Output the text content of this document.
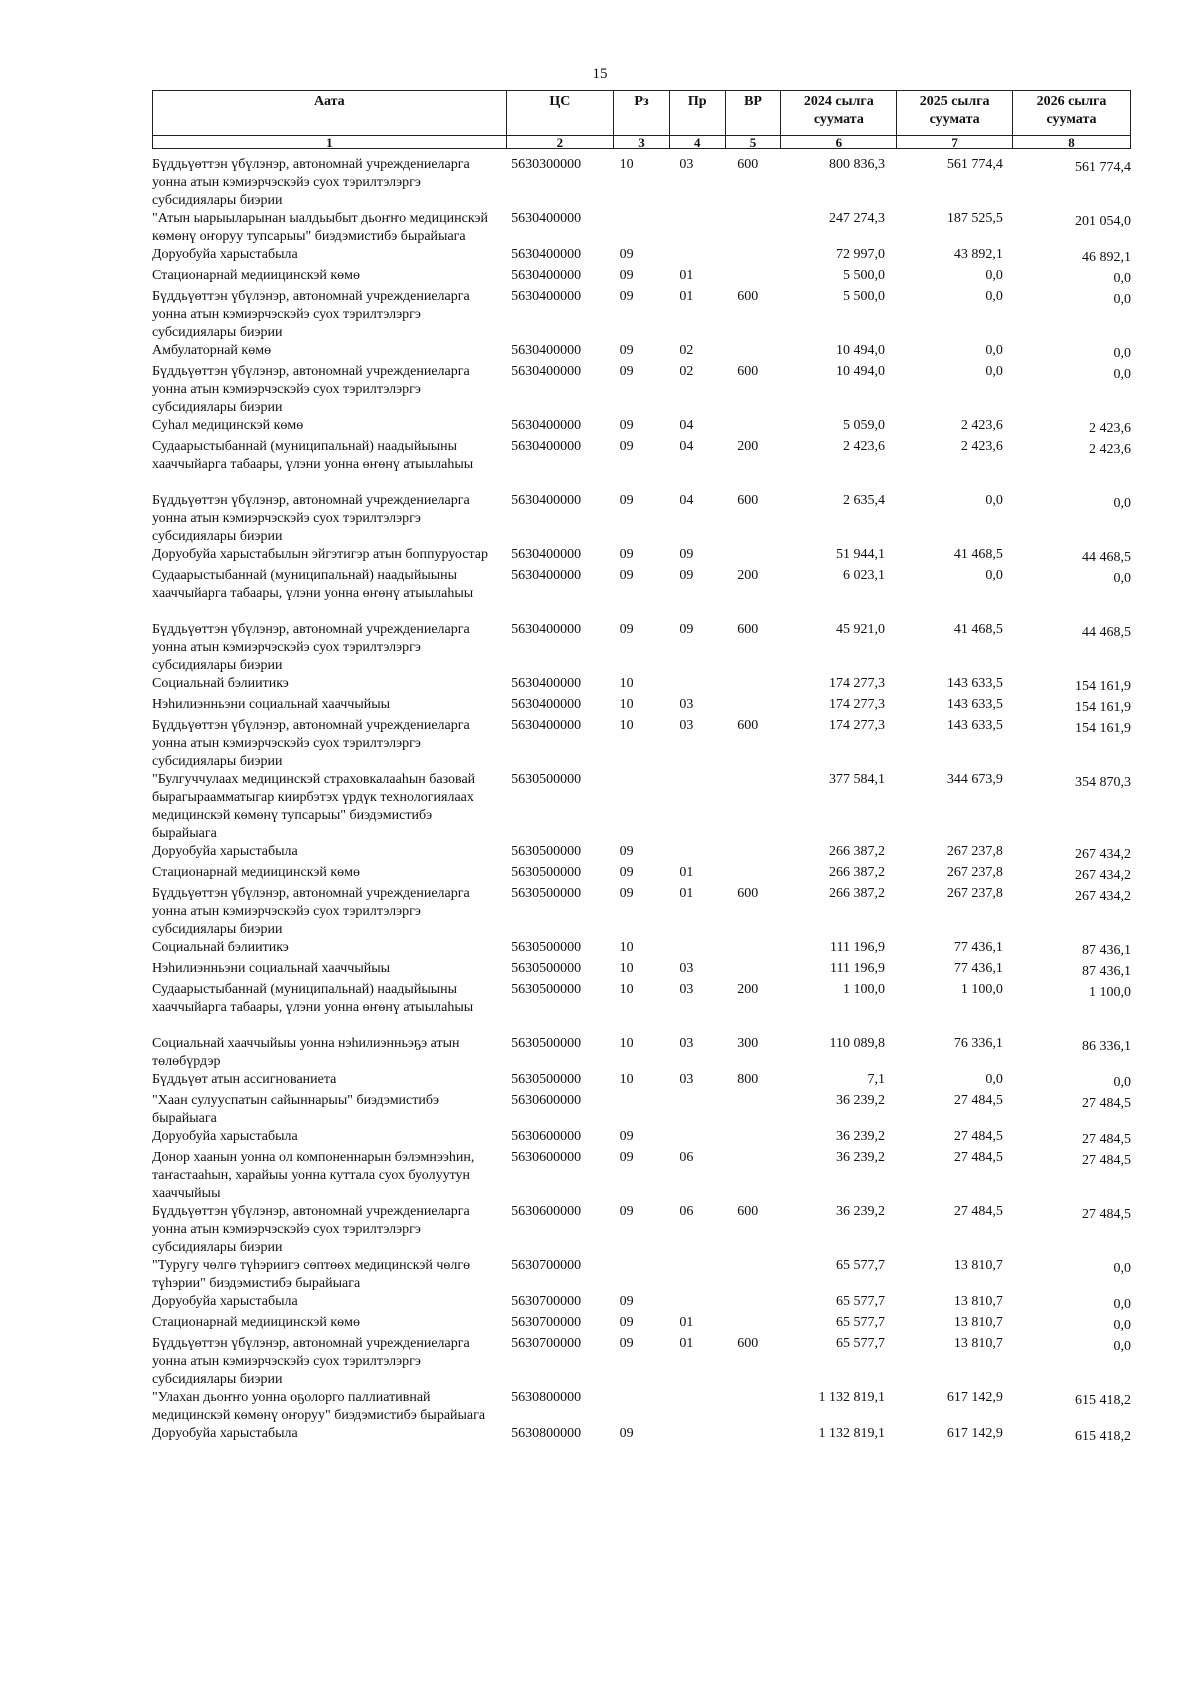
15
Аата	ЦС	Рз	Пр	ВР	2024 сылга суумата	2025 сылга суумата	2026 сылга суумата
1	2	3	4	5	6	7	8
Бүддьүөттэн үбүлэнэр, автономнай учреждениеларга уонна атын кэмиэрчэскэйэ суох тэрилтэлэргэ субсидиялары биэрии	5630300000	10	03	600	800 836,3	561 774,4	561 774,4
"Атын ыарыыларынан ыалдьыбыт дьоҥҥо медицинскэй көмөнү оҥоруу тупсарыы" биэдэмистибэ бырайыага	5630400000				247 274,3	187 525,5	201 054,0
Доруобуйа харыстабыла	5630400000	09			72 997,0	43 892,1	46 892,1
Стационарнай медиицинскэй көмө	5630400000	09	01		5 500,0	0,0	0,0
Бүддьүөттэн үбүлэнэр, автономнай учреждениеларга уонна атын кэмиэрчэскэйэ суох тэрилтэлэргэ субсидиялары биэрии	5630400000	09	01	600	5 500,0	0,0	0,0
Амбулаторнай көмө	5630400000	09	02		10 494,0	0,0	0,0
Бүддьүөттэн үбүлэнэр, автономнай учреждениеларга уонна атын кэмиэрчэскэйэ суох тэрилтэлэргэ субсидиялары биэрии	5630400000	09	02	600	10 494,0	0,0	0,0
Суһал медицинскэй көмө	5630400000	09	04		5 059,0	2 423,6	2 423,6
Судаарыстыбаннай (муниципальнай) наадыйыыны хааччыйарга табаары, үлэни уонна өҥөнү атыылаһыы	5630400000	09	04	200	2 423,6	2 423,6	2 423,6
Бүддьүөттэн үбүлэнэр, автономнай учреждениеларга уонна атын кэмиэрчэскэйэ суох тэрилтэлэргэ субсидиялары биэрии	5630400000	09	04	600	2 635,4	0,0	0,0
Доруобуйа харыстабылын эйгэтигэр атын боппуруостар	5630400000	09	09		51 944,1	41 468,5	44 468,5
Судаарыстыбаннай (муниципальнай) наадыйыыны хааччыйарга табаары, үлэни уонна өҥөнү атыылаһыы	5630400000	09	09	200	6 023,1	0,0	0,0
Бүддьүөттэн үбүлэнэр, автономнай учреждениеларга уонна атын кэмиэрчэскэйэ суох тэрилтэлэргэ субсидиялары биэрии	5630400000	09	09	600	45 921,0	41 468,5	44 468,5
Социальнай бэлиитикэ	5630400000	10			174 277,3	143 633,5	154 161,9
Нэһилиэнньэни социальнай хааччыйыы	5630400000	10	03		174 277,3	143 633,5	154 161,9
Бүддьүөттэн үбүлэнэр, автономнай учреждениеларга уонна атын кэмиэрчэскэйэ суох тэрилтэлэргэ субсидиялары биэрии	5630400000	10	03	600	174 277,3	143 633,5	154 161,9
"Булгуччулаах медицинскэй страховкалааһын базовай бырагыраамматыгар киирбэтэх үрдүк технологиялаах медицинскэй көмөнү тупсарыы" биэдэмистибэ бырайыага	5630500000				377 584,1	344 673,9	354 870,3
Доруобуйа харыстабыла	5630500000	09			266 387,2	267 237,8	267 434,2
Стационарнай медиицинскэй көмө	5630500000	09	01		266 387,2	267 237,8	267 434,2
Бүддьүөттэн үбүлэнэр, автономнай учреждениеларга уонна атын кэмиэрчэскэйэ суох тэрилтэлэргэ субсидиялары биэрии	5630500000	09	01	600	266 387,2	267 237,8	267 434,2
Социальнай бэлиитикэ	5630500000	10			111 196,9	77 436,1	87 436,1
Нэһилиэнньэни социальнай хааччыйыы	5630500000	10	03		111 196,9	77 436,1	87 436,1
Судаарыстыбаннай (муниципальнай) наадыйыыны хааччыйарга табаары, үлэни уонна өҥөнү атыылаһыы	5630500000	10	03	200	1 100,0	1 100,0	1 100,0
Социальнай хааччыйыы уонна нэһилиэнньэҕэ атын төлөбүрдэр	5630500000	10	03	300	110 089,8	76 336,1	86 336,1
Бүддьүөт атын ассигнованиета	5630500000	10	03	800	7,1	0,0	0,0
"Хаан сулууспатын сайыннарыы" биэдэмистибэ бырайыага	5630600000				36 239,2	27 484,5	27 484,5
Доруобуйа харыстабыла	5630600000	09			36 239,2	27 484,5	27 484,5
Донор хаанын уонна ол компоненнарын бэлэмнээһин, таҥастааһын, харайыы уонна куттала суох буолуутун хааччыйыы	5630600000	09	06		36 239,2	27 484,5	27 484,5
Бүддьүөттэн үбүлэнэр, автономнай учреждениеларга уонна атын кэмиэрчэскэйэ суох тэрилтэлэргэ субсидиялары биэрии	5630600000	09	06	600	36 239,2	27 484,5	27 484,5
"Туругу чөлгө түһэриигэ сөптөөх медицинскэй чөлгө түһэрии" биэдэмистибэ бырайыага	5630700000				65 577,7	13 810,7	0,0
Доруобуйа харыстабыла	5630700000	09			65 577,7	13 810,7	0,0
Стационарнай медиицинскэй көмө	5630700000	09	01		65 577,7	13 810,7	0,0
Бүддьүөттэн үбүлэнэр, автономнай учреждениеларга уонна атын кэмиэрчэскэйэ суох тэрилтэлэргэ субсидиялары биэрии	5630700000	09	01	600	65 577,7	13 810,7	0,0
"Улахан дьоҥҥо уонна оҕолорго паллиативнай медицинскэй көмөнү оҥоруу" биэдэмистибэ бырайыага	5630800000				1 132 819,1	617 142,9	615 418,2
Доруобуйа харыстабыла	5630800000	09			1 132 819,1	617 142,9	615 418,2
